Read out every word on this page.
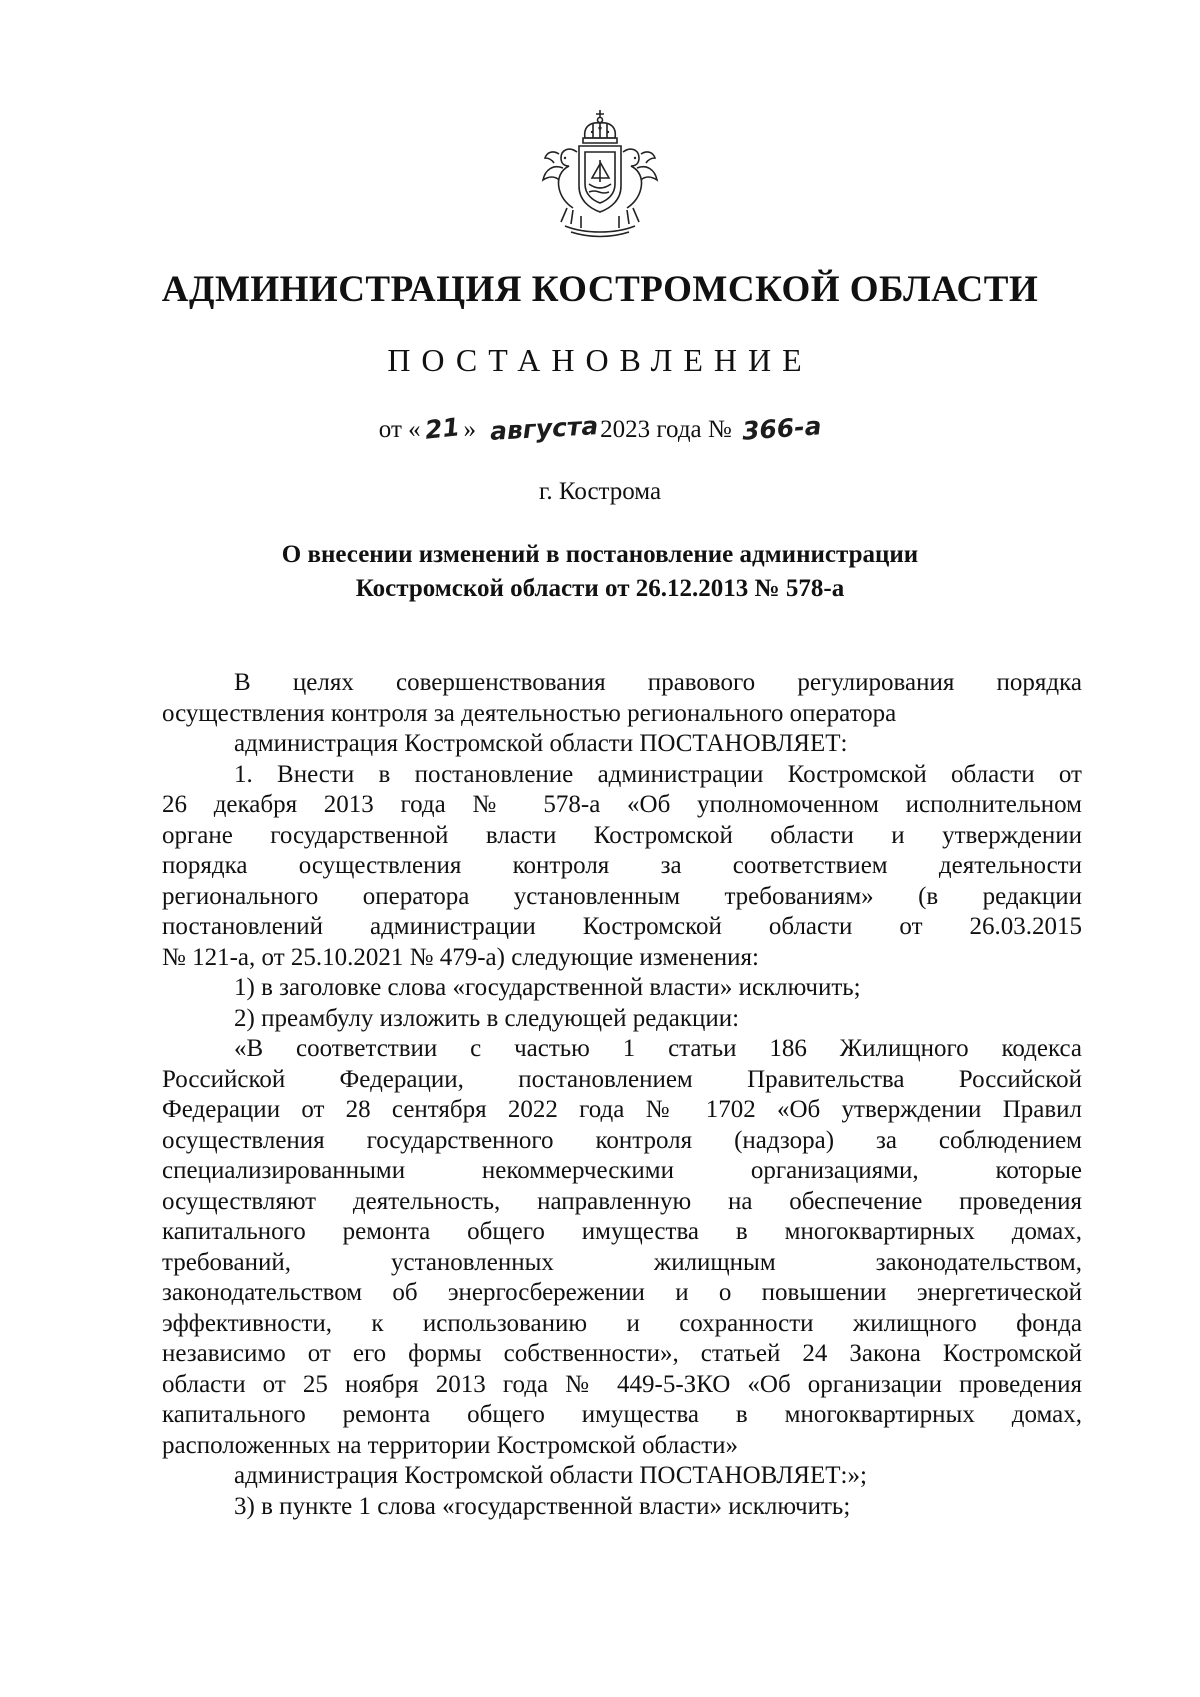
АДМИНИСТРАЦИЯ КОСТРОМСКОЙ ОБЛАСТИ
ПОСТАНОВЛЕНИЕ
от « 21 » августа2023 года № 366-а
г. Кострома
О внесении изменений в постановление администрации
Костромской области от 26.12.2013 № 578-а

В целях совершенствования правового регулирования порядка

осуществления контроля за деятельностью регионального оператора

администрация Костромской области ПОСТАНОВЛЯЕТ:

1. Внести в постановление администрации Костромской области от

26 декабря 2013 года № 578-а «Об уполномоченном исполнительном

органе государственной власти Костромской области и утверждении

порядка осуществления контроля за соответствием деятельности

регионального оператора установленным требованиям» (в редакции

постановлений администрации Костромской области от 26.03.2015

№ 121-а, от 25.10.2021 № 479-а) следующие изменения:

1) в заголовке слова «государственной власти» исключить;

2) преамбулу изложить в следующей редакции:

«В соответствии с частью 1 статьи 186 Жилищного кодекса

Российской Федерации, постановлением Правительства Российской

Федерации от 28 сентября 2022 года № 1702 «Об утверждении Правил

осуществления государственного контроля (надзора) за соблюдением

специализированными некоммерческими организациями, которые

осуществляют деятельность, направленную на обеспечение проведения

капитального ремонта общего имущества в многоквартирных домах,

требований, установленных жилищным законодательством,

законодательством об энергосбережении и о повышении энергетической

эффективности, к использованию и сохранности жилищного фонда

независимо от его формы собственности», статьей 24 Закона Костромской

области от 25 ноября 2013 года № 449-5-ЗКО «Об организации проведения

капитального ремонта общего имущества в многоквартирных домах,

расположенных на территории Костромской области»

администрация Костромской области ПОСТАНОВЛЯЕТ:»;

3) в пункте 1 слова «государственной власти» исключить;
